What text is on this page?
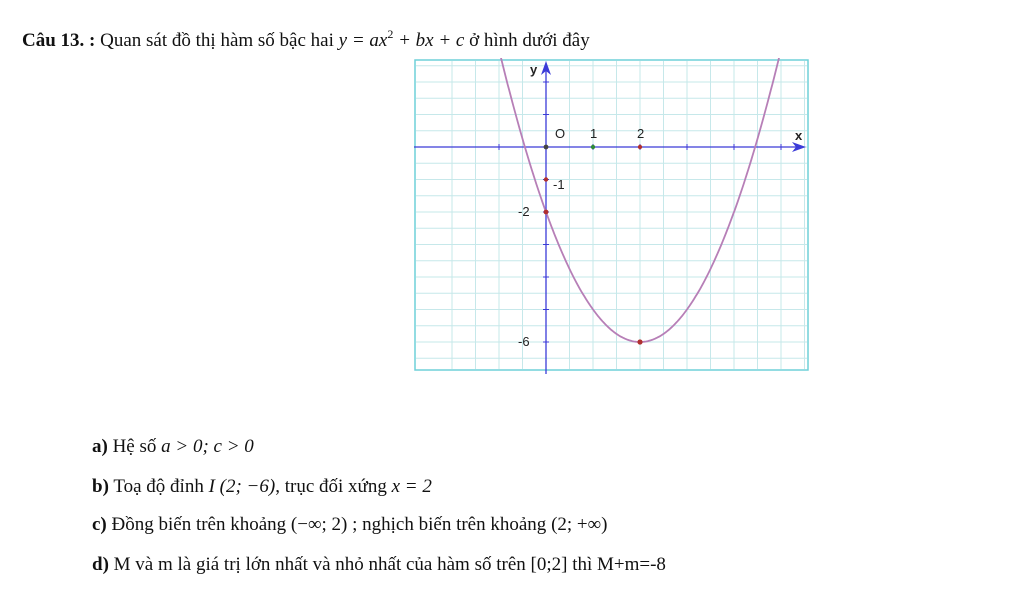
Câu 13. : Quan sát đồ thị hàm số bậc hai $y = ax^2$ + bx + c ở hình dưới đây
y
x
O 1	2
-1
-2
-6
a) Hệ số a > 0; c > 0
b) Toạ độ đỉnh I (2; −6), trục đối xứng x = 2
c) Đồng biến trên khoảng (−∞; 2) ; nghịch biến trên khoảng (2; +∞)
d) M và m là giá trị lớn nhất và nhỏ nhất của hàm số trên [0;2] thì M+m=-8
